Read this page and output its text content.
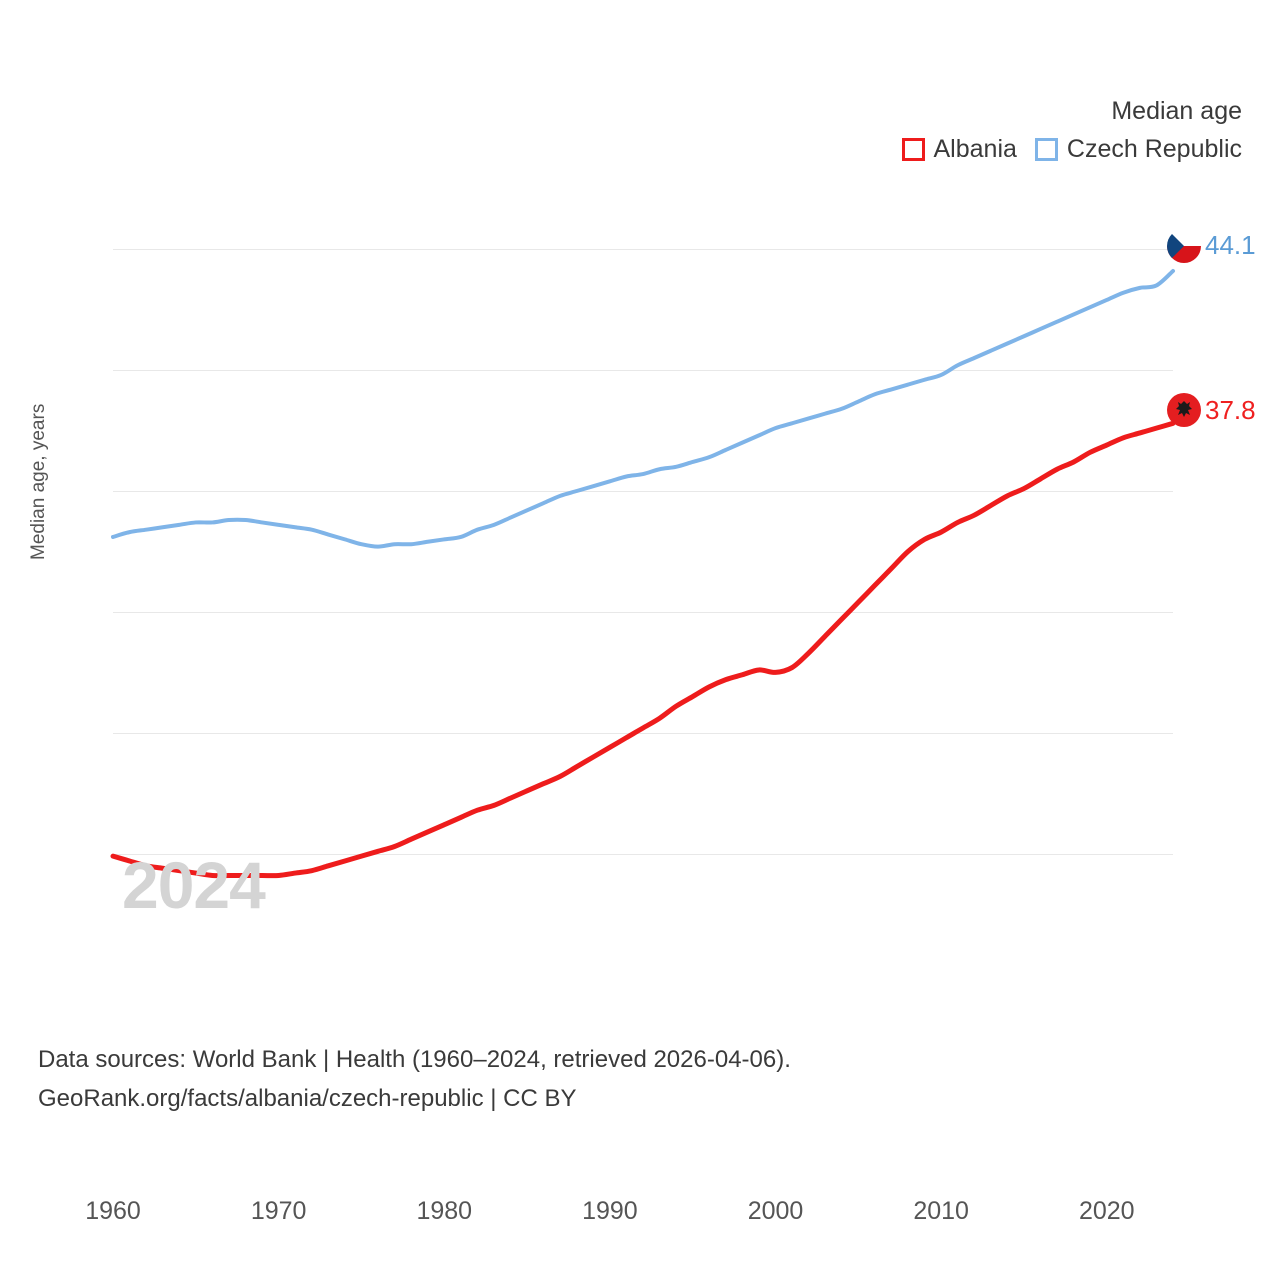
Median age
Albania Czech Republic
Median age, years
1960	1970	1980	1990	2000	2010	2020
2024
44.1
37.8
Data sources: World Bank | Health (1960–2024, retrieved 2026-04-06).
GeoRank.org/facts/albania/czech-republic | CC BY
